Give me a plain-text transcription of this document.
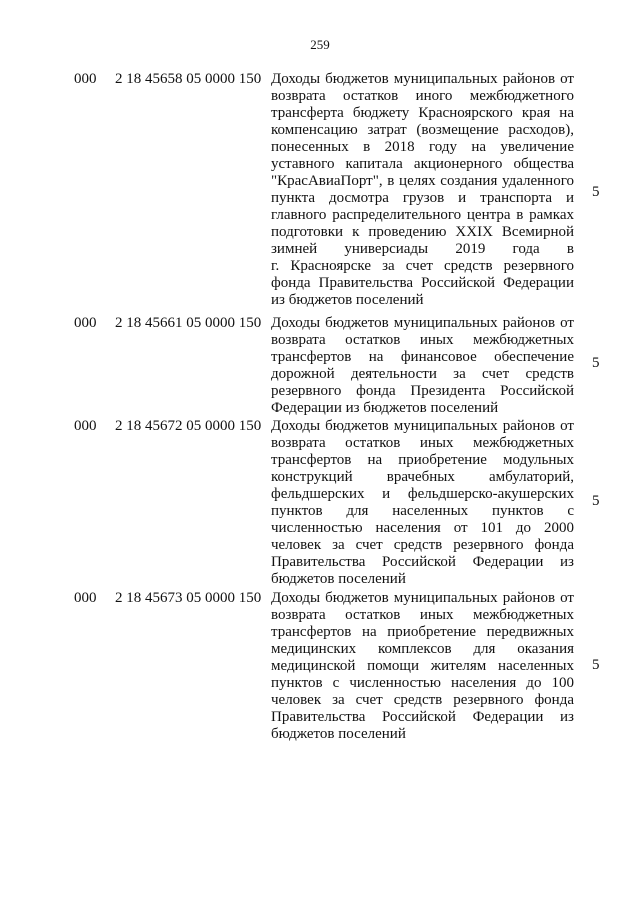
259
000 2 18 45658 05 0000 150 Доходы бюджетов муниципальных районов от
возврата остатков иного межбюджетного
трансферта бюджету Красноярского края на
компенсацию затрат (возмещение расходов),
понесенных в 2018 году на увеличение
уставного капитала акционерного общества
"КрасАвиаПорт", в целях создания удаленного
пункта досмотра грузов и транспорта и
главного распределительного центра в рамках
подготовки к проведению XXIX Всемирной
зимней универсиады 2019 года в
г. Красноярске за счет средств резервного
фонда Правительства Российской Федерации
из бюджетов поселений
5
000 2 18 45661 05 0000 150 Доходы бюджетов муниципальных районов от
возврата остатков иных межбюджетных
трансфертов на финансовое обеспечение
дорожной деятельности за счет средств
резервного фонда Президента Российской
Федерации из бюджетов поселений
5
000 2 18 45672 05 0000 150 Доходы бюджетов муниципальных районов от
возврата остатков иных межбюджетных
трансфертов на приобретение модульных
конструкций врачебных амбулаторий,
фельдшерских и фельдшерско-акушерских
пунктов для населенных пунктов с
численностью населения от 101 до 2000
человек за счет средств резервного фонда
Правительства Российской Федерации из
бюджетов поселений
5
000 2 18 45673 05 0000 150 Доходы бюджетов муниципальных районов от
возврата остатков иных межбюджетных
трансфертов на приобретение передвижных
медицинских комплексов для оказания
медицинской помощи жителям населенных
пунктов с численностью населения до 100
человек за счет средств резервного фонда
Правительства Российской Федерации из
бюджетов поселений
5
